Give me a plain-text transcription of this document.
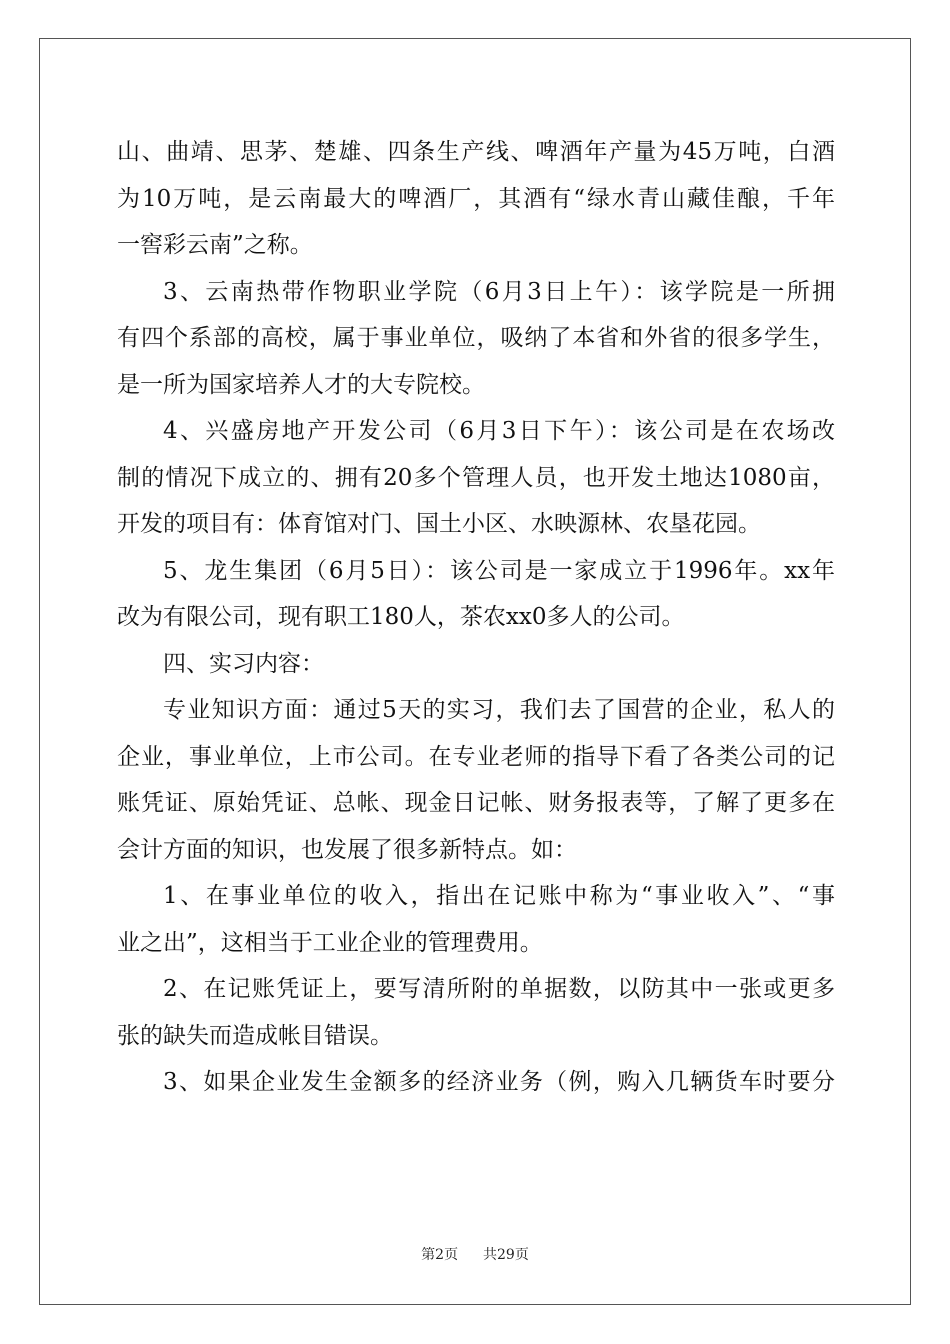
山、曲靖、思茅、楚雄、四条生产线、啤酒年产量为45万吨，白酒
为10万吨，是云南最大的啤酒厂，其酒有“绿水青山藏佳酿，千年
一窖彩云南”之称。
3、云南热带作物职业学院（6月3日上午）：该学院是一所拥
有四个系部的高校，属于事业单位，吸纳了本省和外省的很多学生，
是一所为国家培养人才的大专院校。
4、兴盛房地产开发公司（6月3日下午）：该公司是在农场改
制的情况下成立的、拥有20多个管理人员，也开发土地达1080亩，
开发的项目有：体育馆对门、国土小区、水映源林、农垦花园。
5、龙生集团（6月5日）：该公司是一家成立于1996年。xx年
改为有限公司，现有职工180人，茶农xx0多人的公司。
四、实习内容：
专业知识方面：通过5天的实习，我们去了国营的企业，私人的
企业，事业单位，上市公司。在专业老师的指导下看了各类公司的记
账凭证、原始凭证、总帐、现金日记帐、财务报表等，了解了更多在
会计方面的知识，也发展了很多新特点。如：
1、在事业单位的收入，指出在记账中称为“事业收入”、“事
业之出”，这相当于工业企业的管理费用。
2、在记账凭证上，要写清所附的单据数，以防其中一张或更多
张的缺失而造成帐目错误。
3、如果企业发生金额多的经济业务（例，购入几辆货车时要分
第2页 共29页
